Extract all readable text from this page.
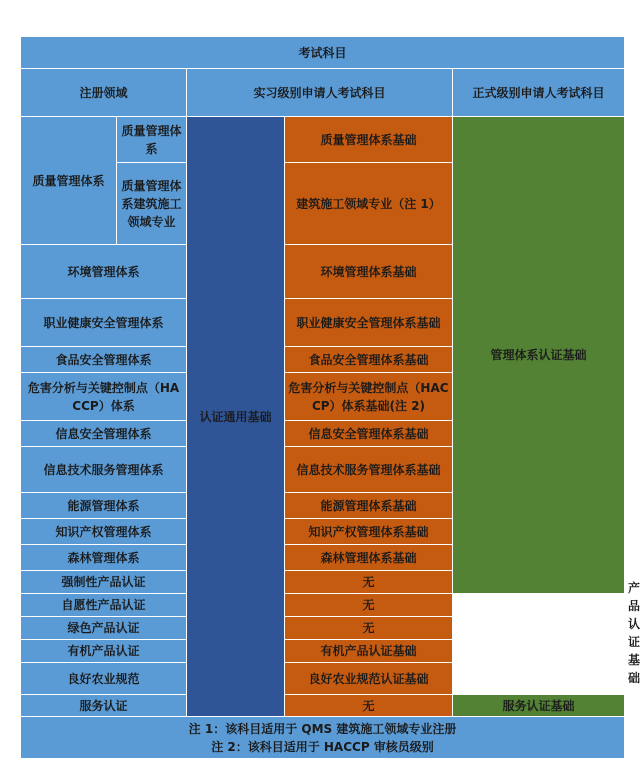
考试科目					
注册领域		实习级别申请人考试科目		正式级别申请人考试科目	
质量管理体系	质量管理体系	认证通用基础	质量管理体系基础	管理体系认证基础	
	质量管理体系建筑施工领域专业		建筑施工领域专业（注 1）		
环境管理体系			环境管理体系基础		
职业健康安全管理体系			职业健康安全管理体系基础		
食品安全管理体系			食品安全管理体系基础		
危害分析与关键控制点（HACCP）体系			危害分析与关键控制点（HACCP）体系基础(注 2)		
信息安全管理体系			信息安全管理体系基础		
信息技术服务管理体系			信息技术服务管理体系基础		
能源管理体系			能源管理体系基础		
知识产权管理体系			知识产权管理体系基础		
森林管理体系			森林管理体系基础		
强制性产品认证			无		产品认证基础
自愿性产品认证			无		
绿色产品认证			无		
有机产品认证			有机产品认证基础		
良好农业规范			良好农业规范认证基础		
服务认证			无	服务认证基础	

注 1：该科目适用于 QMS 建筑施工领域专业注册
注 2：该科目适用于 HACCP 审核员级别					
